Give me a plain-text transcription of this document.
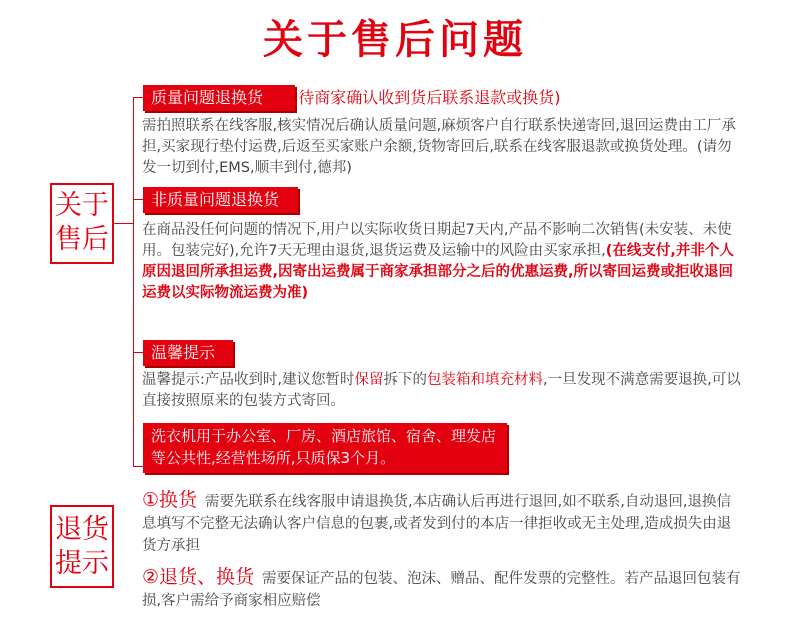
关于售后问题
关于
售后
退货
提示
质量问题退换货	(待商家确认收到货后联系退款或换货)
需拍照联系在线客服,核实情况后确认质量问题,麻烦客户自行联系快递寄回,退回运费由工厂承担,买家现行垫付运费,后返至买家账户余额,货物寄回后,联系在线客服退款或换货处理。(请勿发一切到付,EMS,顺丰到付,德邦)
非质量问题退换货
在商品没任何问题的情况下,用户以实际收货日期起7天内,产品不影响二次销售(未安装、未使用。包装完好),允许7天无理由退货,退货运费及运输中的风险由买家承担,(在线支付,并非个人原因退回所承担运费,因寄出运费属于商家承担部分之后的优惠运费,所以寄回运费或拒收退回运费以实际物流运费为准)
温馨提示
温馨提示:产品收到时,建议您暂时保留拆下的包装箱和填充材料,一旦发现不满意需要退换,可以直接按照原来的包装方式寄回。
洗衣机用于办公室、厂房、酒店旅馆、宿舍、理发店等公共性,经营性场所,只质保3个月。
①换货 需要先联系在线客服申请退换货,本店确认后再进行退回,如不联系,自动退回,退换信息填写不完整无法确认客户信息的包裹,或者发到付的本店一律拒收或无主处理,造成损失由退货方承担
②退货、换货 需要保证产品的包装、泡沫、赠品、配件发票的完整性。若产品退回包装有损,客户需给予商家相应赔偿
